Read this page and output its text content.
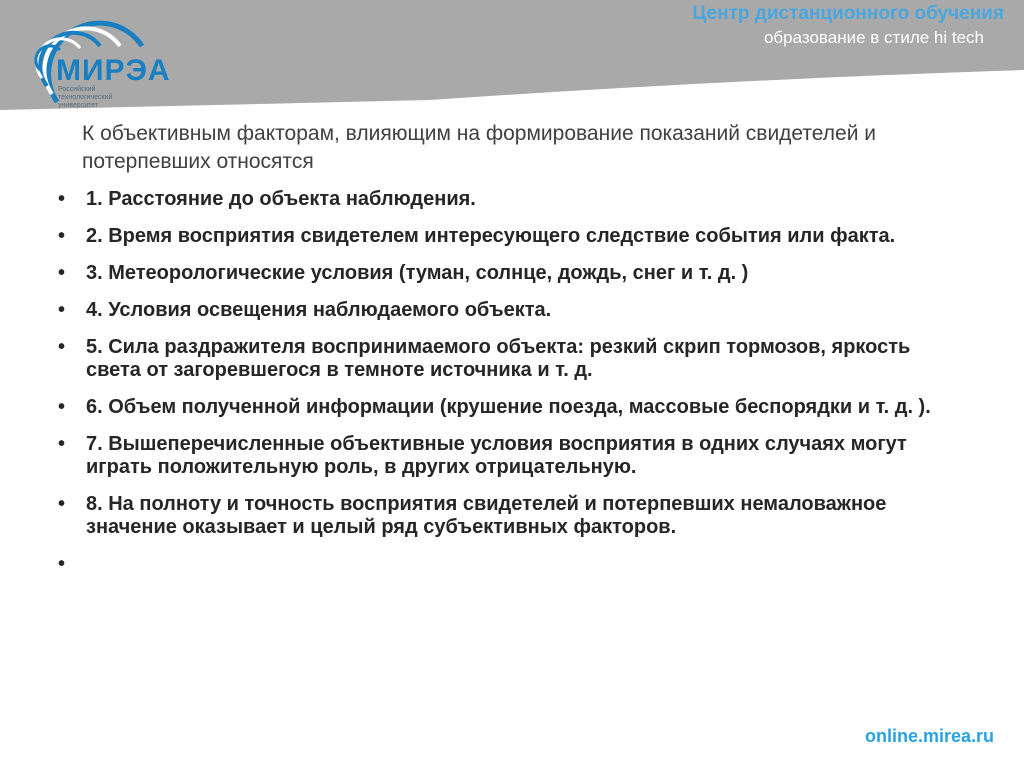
МИРЭА
Российский технологический университет
Центр дистанционного обучения
образование в стиле hi tech
К объективным факторам, влияющим на формирование показаний свидетелей и потерпевших относятся
• 1. Расстояние до объекта наблюдения.
• 2. Время восприятия свидетелем интересующего следствие события или факта.
• 3. Метеорологические условия (туман, солнце, дождь, снег и т. д. )
• 4. Условия освещения наблюдаемого объекта.
• 5. Сила раздражителя воспринимаемого объекта: резкий скрип тормозов, яркость света от загоревшегося в темноте источника и т. д.
• 6. Объем полученной информации (крушение поезда, массовые беспорядки и т. д. ).
• 7. Вышеперечисленные объективные условия восприятия в одних случаях могут играть положительную роль, в других отрицательную.
• 8. На полноту и точность восприятия свидетелей и потерпевших немаловажное значение оказывает и целый ряд субъективных факторов.
•
online.mirea.ru
